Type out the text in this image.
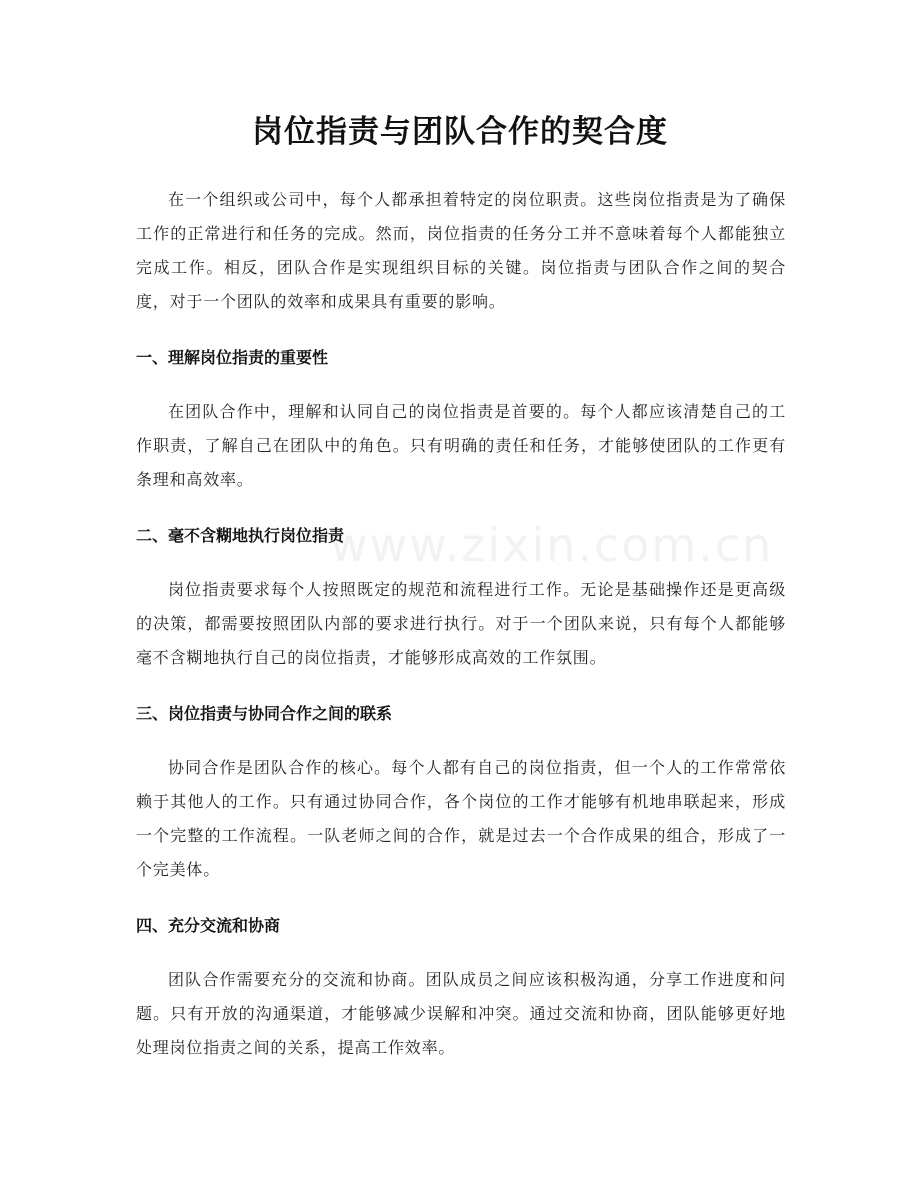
www.zixin.com.cn
岗位指责与团队合作的契合度

在一个组织或公司中，每个人都承担着特定的岗位职责。这些岗位指责是为了确保工作的正常进行和任务的完成。然而，岗位指责的任务分工并不意味着每个人都能独立完成工作。相反，团队合作是实现组织目标的关键。岗位指责与团队合作之间的契合度，对于一个团队的效率和成果具有重要的影响。

一、理解岗位指责的重要性

在团队合作中，理解和认同自己的岗位指责是首要的。每个人都应该清楚自己的工作职责，了解自己在团队中的角色。只有明确的责任和任务，才能够使团队的工作更有条理和高效率。

二、毫不含糊地执行岗位指责

岗位指责要求每个人按照既定的规范和流程进行工作。无论是基础操作还是更高级的决策，都需要按照团队内部的要求进行执行。对于一个团队来说，只有每个人都能够毫不含糊地执行自己的岗位指责，才能够形成高效的工作氛围。

三、岗位指责与协同合作之间的联系

协同合作是团队合作的核心。每个人都有自己的岗位指责，但一个人的工作常常依赖于其他人的工作。只有通过协同合作，各个岗位的工作才能够有机地串联起来，形成一个完整的工作流程。一队老师之间的合作，就是过去一个合作成果的组合，形成了一个完美体。

四、充分交流和协商

团队合作需要充分的交流和协商。团队成员之间应该积极沟通，分享工作进度和问题。只有开放的沟通渠道，才能够减少误解和冲突。通过交流和协商，团队能够更好地处理岗位指责之间的关系，提高工作效率。
